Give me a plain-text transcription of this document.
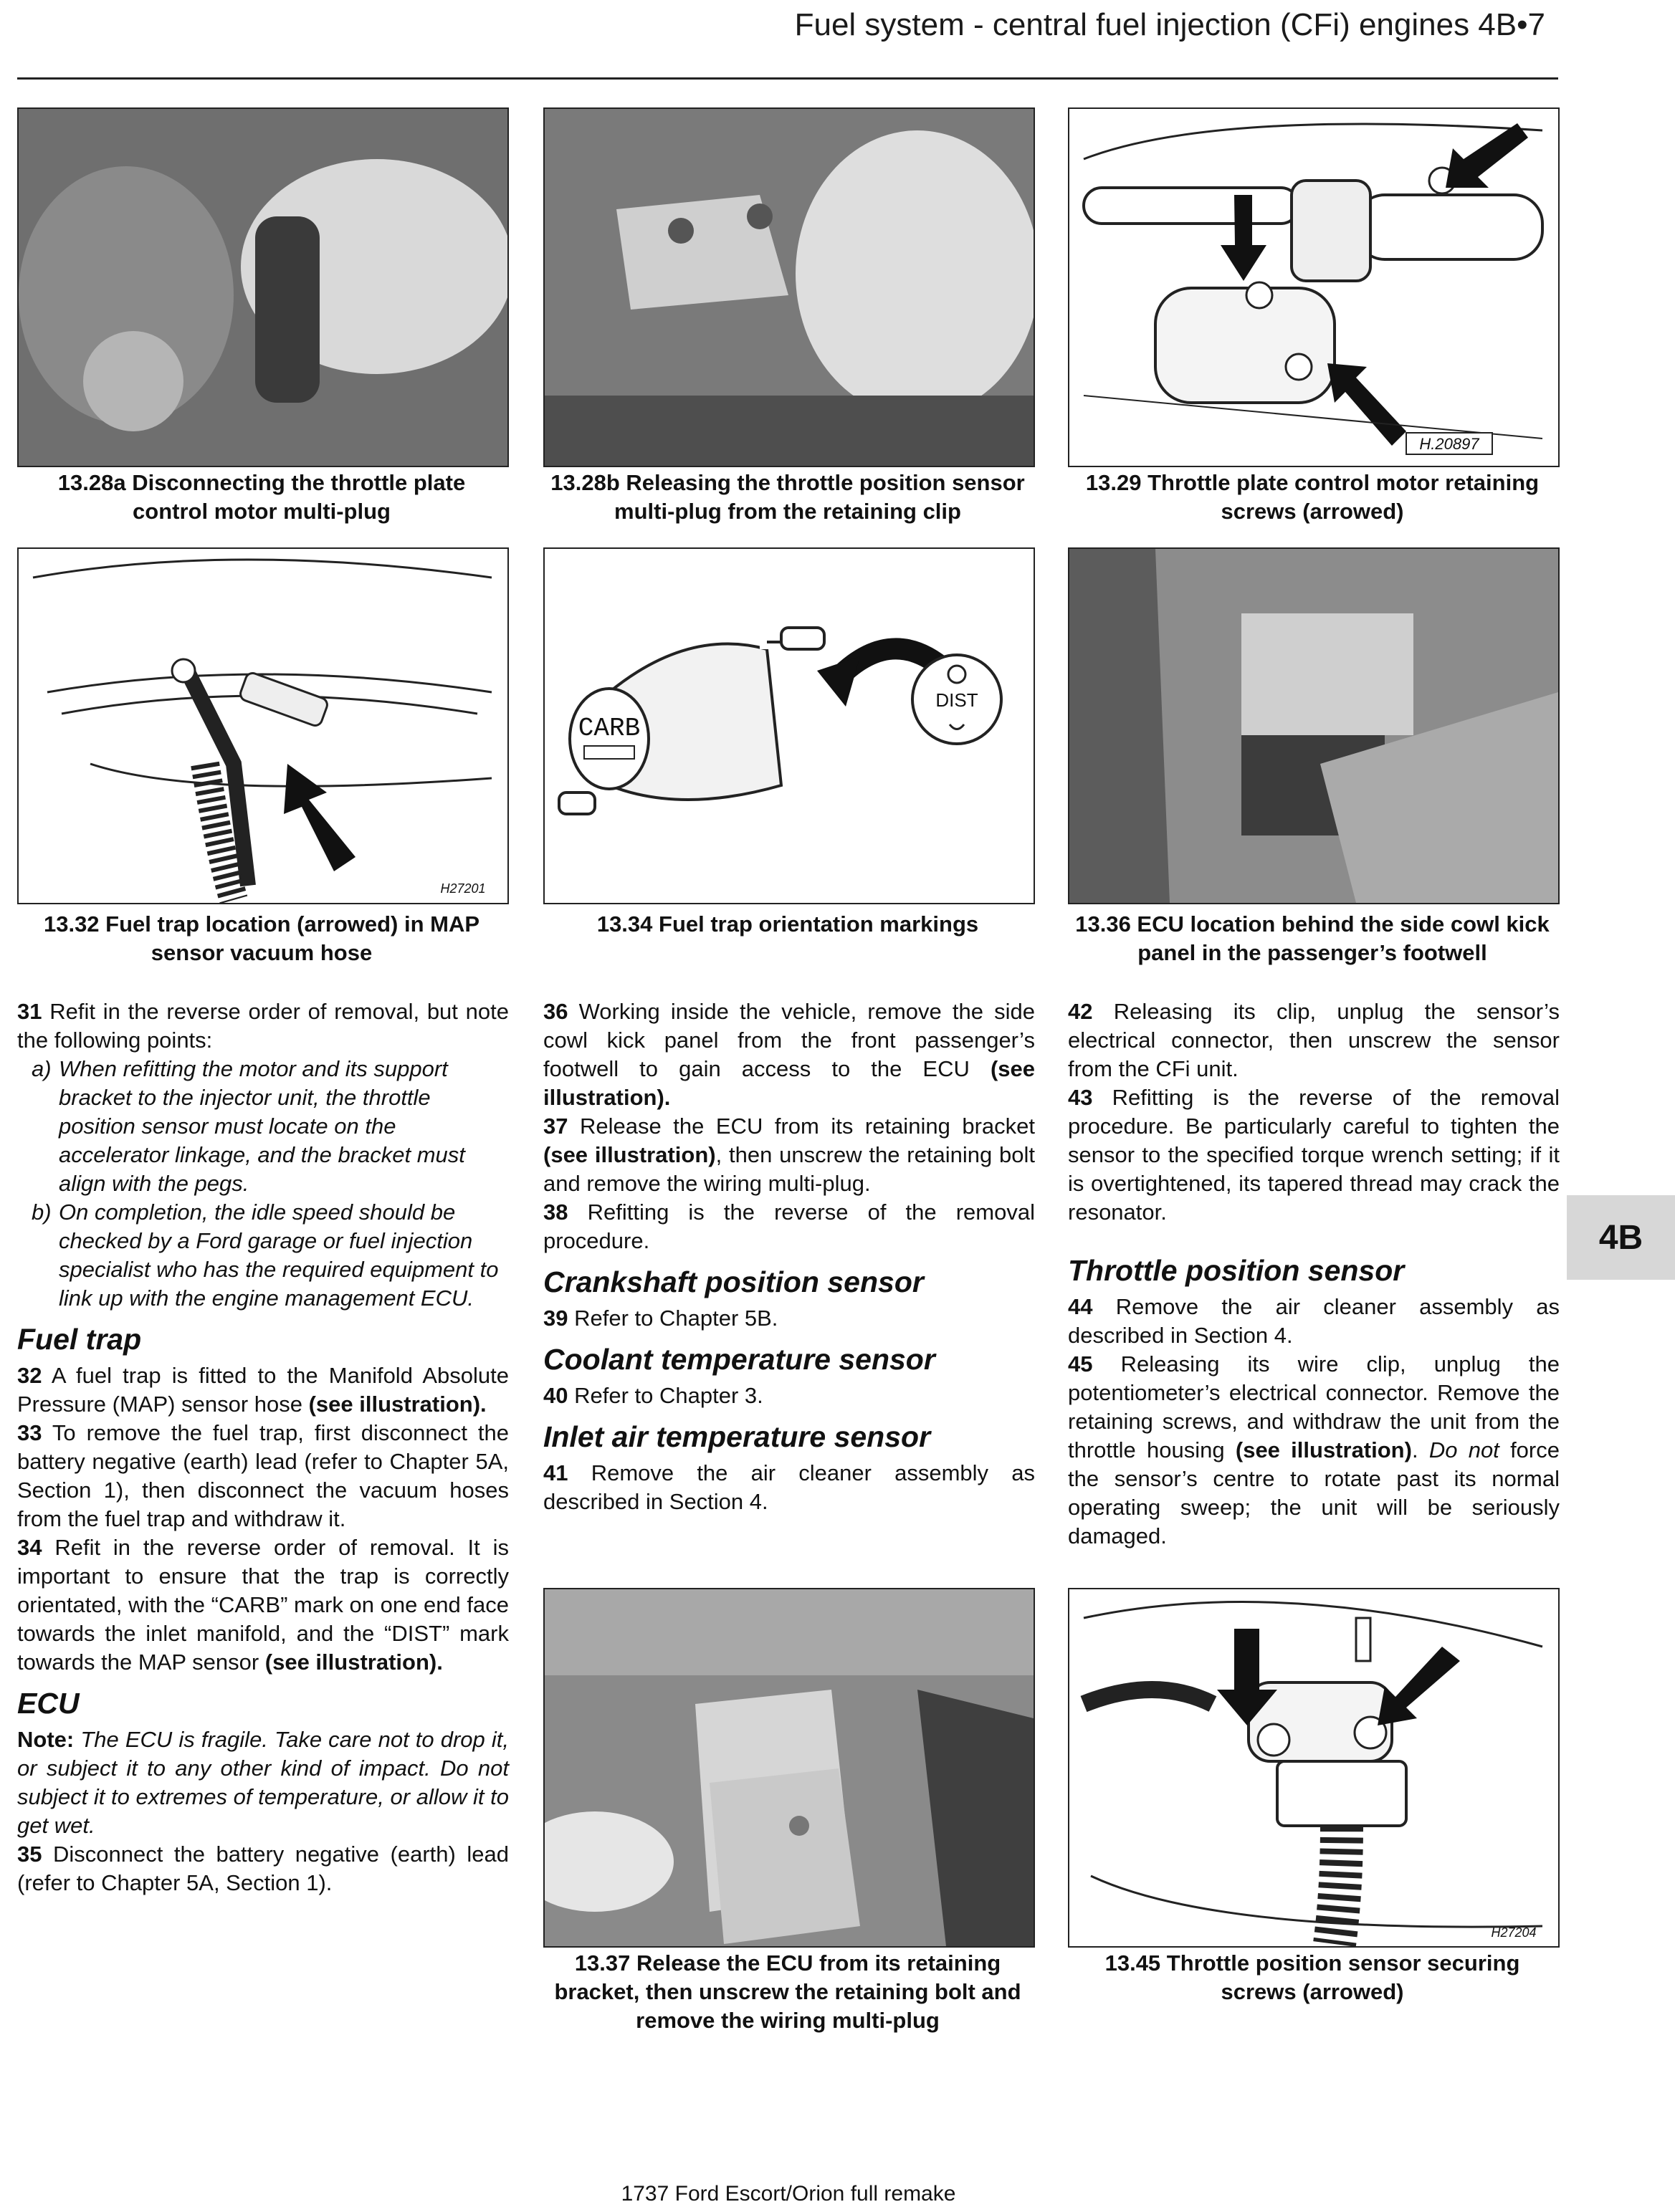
Fuel system - central fuel injection (CFi) engines 4B•7
13.28a Disconnecting the throttle plate control motor multi-plug
13.28b Releasing the throttle position sensor multi-plug from the retaining clip
H.20897
13.29 Throttle plate control motor retaining screws (arrowed)
H27201
13.32 Fuel trap location (arrowed) in MAP sensor vacuum hose
CARB
DIST
13.34 Fuel trap orientation markings	13.36 ECU location behind the side cowl kick panel in the passenger’s footwell

31 Refit in the reverse order of removal, but note the following points:

a) When refitting the motor and its support bracket to the injector unit, the throttle position sensor must locate on the accelerator linkage, and the bracket must align with the pegs.

b) On completion, the idle speed should be checked by a Ford garage or fuel injection specialist who has the required equipment to link up with the engine management ECU.

Fuel trap

32 A fuel trap is fitted to the Manifold Absolute Pressure (MAP) sensor hose (see illustration).

33 To remove the fuel trap, first disconnect the battery negative (earth) lead (refer to Chapter 5A, Section 1), then disconnect the vacuum hoses from the fuel trap and withdraw it.

34 Refit in the reverse order of removal. It is important to ensure that the trap is correctly orientated, with the “CARB” mark on one end face towards the inlet manifold, and the “DIST” mark towards the MAP sensor (see illustration).

ECU

Note: The ECU is fragile. Take care not to drop it, or subject it to any other kind of impact. Do not subject it to extremes of temperature, or allow it to get wet.

35 Disconnect the battery negative (earth) lead (refer to Chapter 5A, Section 1).

36 Working inside the vehicle, remove the side cowl kick panel from the front passenger’s footwell to gain access to the ECU (see illustration).

37 Release the ECU from its retaining bracket (see illustration), then unscrew the retaining bolt and remove the wiring multi-plug.

38 Refitting is the reverse of the removal procedure.

Crankshaft position sensor

39 Refer to Chapter 5B.

Coolant temperature sensor

40 Refer to Chapter 3.

Inlet air temperature sensor

41 Remove the air cleaner assembly as described in Section 4.

42 Releasing its clip, unplug the sensor’s electrical connector, then unscrew the sensor from the CFi unit.

43 Refitting is the reverse of the removal procedure. Be particularly careful to tighten the sensor to the specified torque wrench setting; if it is overtightened, its tapered thread may crack the resonator.

Throttle position sensor

44 Remove the air cleaner assembly as described in Section 4.

45 Releasing its wire clip, unplug the potentiometer’s electrical connector. Remove the retaining screws, and withdraw the unit from the throttle housing (see illustration). Do not force the sensor’s centre to rotate past its normal operating sweep; the unit will be seriously damaged.

13.37 Release the ECU from its retaining bracket, then unscrew the retaining bolt and remove the wiring multi-plug
H27204
13.45 Throttle position sensor securing screws (arrowed)
4B
1737 Ford Escort/Orion full remake
